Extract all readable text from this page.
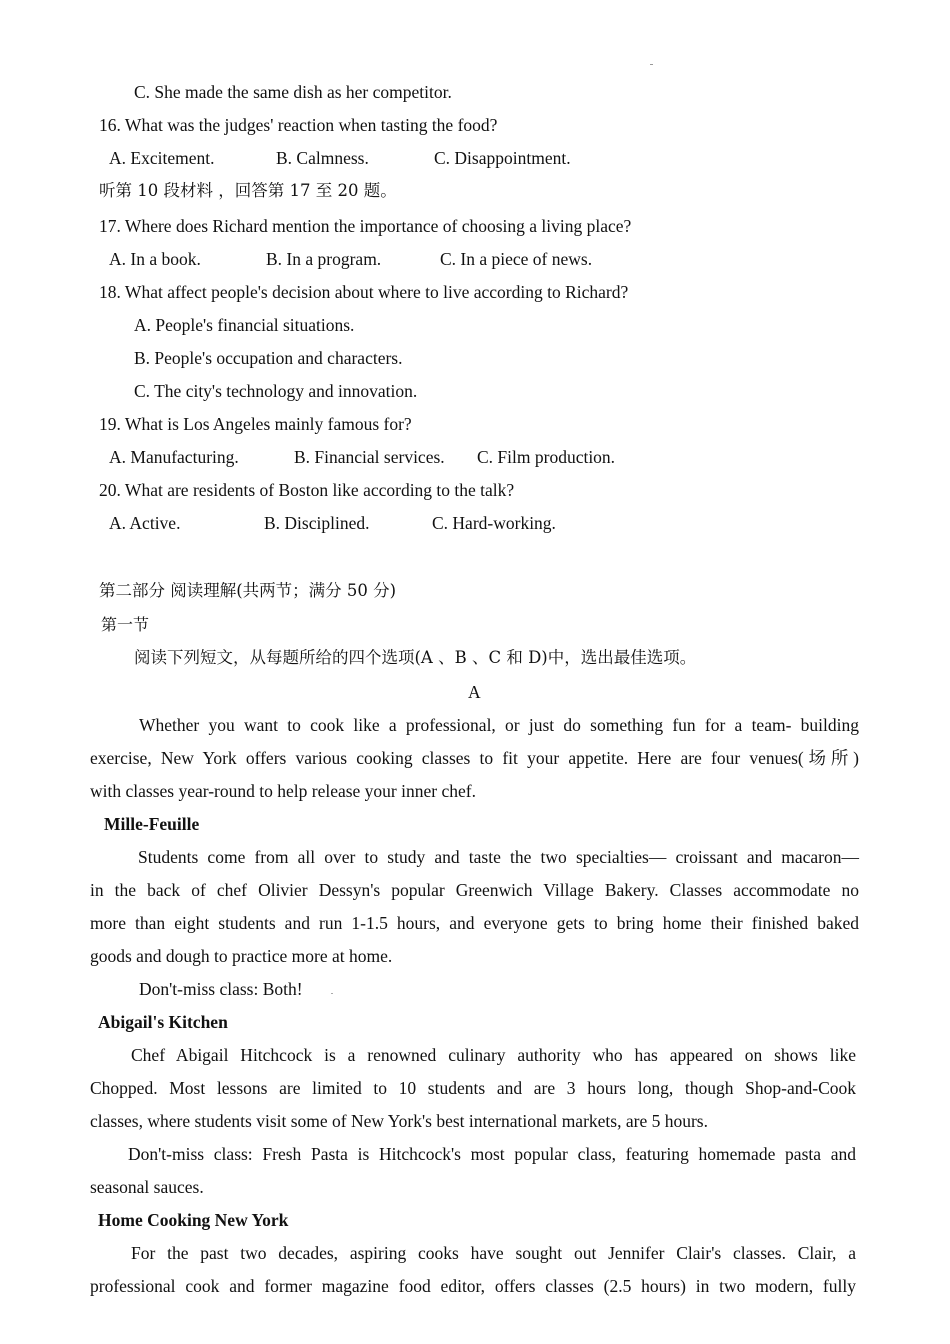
C. She made the same dish as her competitor.
16. What was the judges' reaction when tasting the food?
A. Excitement.	B. Calmness.	C. Disappointment.
听第 10 段材料 ，回答第 17 至 20 题。
17. Where does Richard mention the importance of choosing a living place?
A. In a book.	B. In a program.	C. In a piece of news.
18. What affect people's decision about where to live according to Richard?
A. People's financial situations.
B. People's occupation and characters.
C. The city's technology and innovation.
19. What is Los Angeles mainly famous for?
A. Manufacturing.	B. Financial services. C. Film production.
20. What are residents of Boston like according to the talk?
A. Active.	B. Disciplined.	C. Hard-working.
第二部分 阅读理解(共两节；满分 50 分)
第一节
阅读下列短文，从每题所给的四个选项(A 、B 、C 和 D)中，选出最佳选项。
A
Whether you want to cook like a professional, or just do something fun for a team- building
exercise, New York offers various cooking classes to fit your appetite. Here are four venues(场所)
with classes year-round to help release your inner chef.
Mille-Feuille
Students come from all over to study and taste the two specialties— croissant and macaron—
in the back of chef Olivier Dessyn's popular Greenwich Village Bakery. Classes accommodate no
more than eight students and run 1-1.5 hours, and everyone gets to bring home their finished baked
goods and dough to practice more at home.
Don't-miss class: Both!
Abigail's Kitchen
Chef Abigail Hitchcock is a renowned culinary authority who has appeared on shows like
Chopped. Most lessons are limited to 10 students and are 3 hours long, though Shop-and-Cook
classes, where students visit some of New York's best international markets, are 5 hours.
Don't-miss class: Fresh Pasta is Hitchcock's most popular class, featuring homemade pasta and
seasonal sauces.
Home Cooking New York
For the past two decades, aspiring cooks have sought out Jennifer Clair's classes. Clair, a
professional cook and former magazine food editor, offers classes (2.5 hours) in two modern, fully
